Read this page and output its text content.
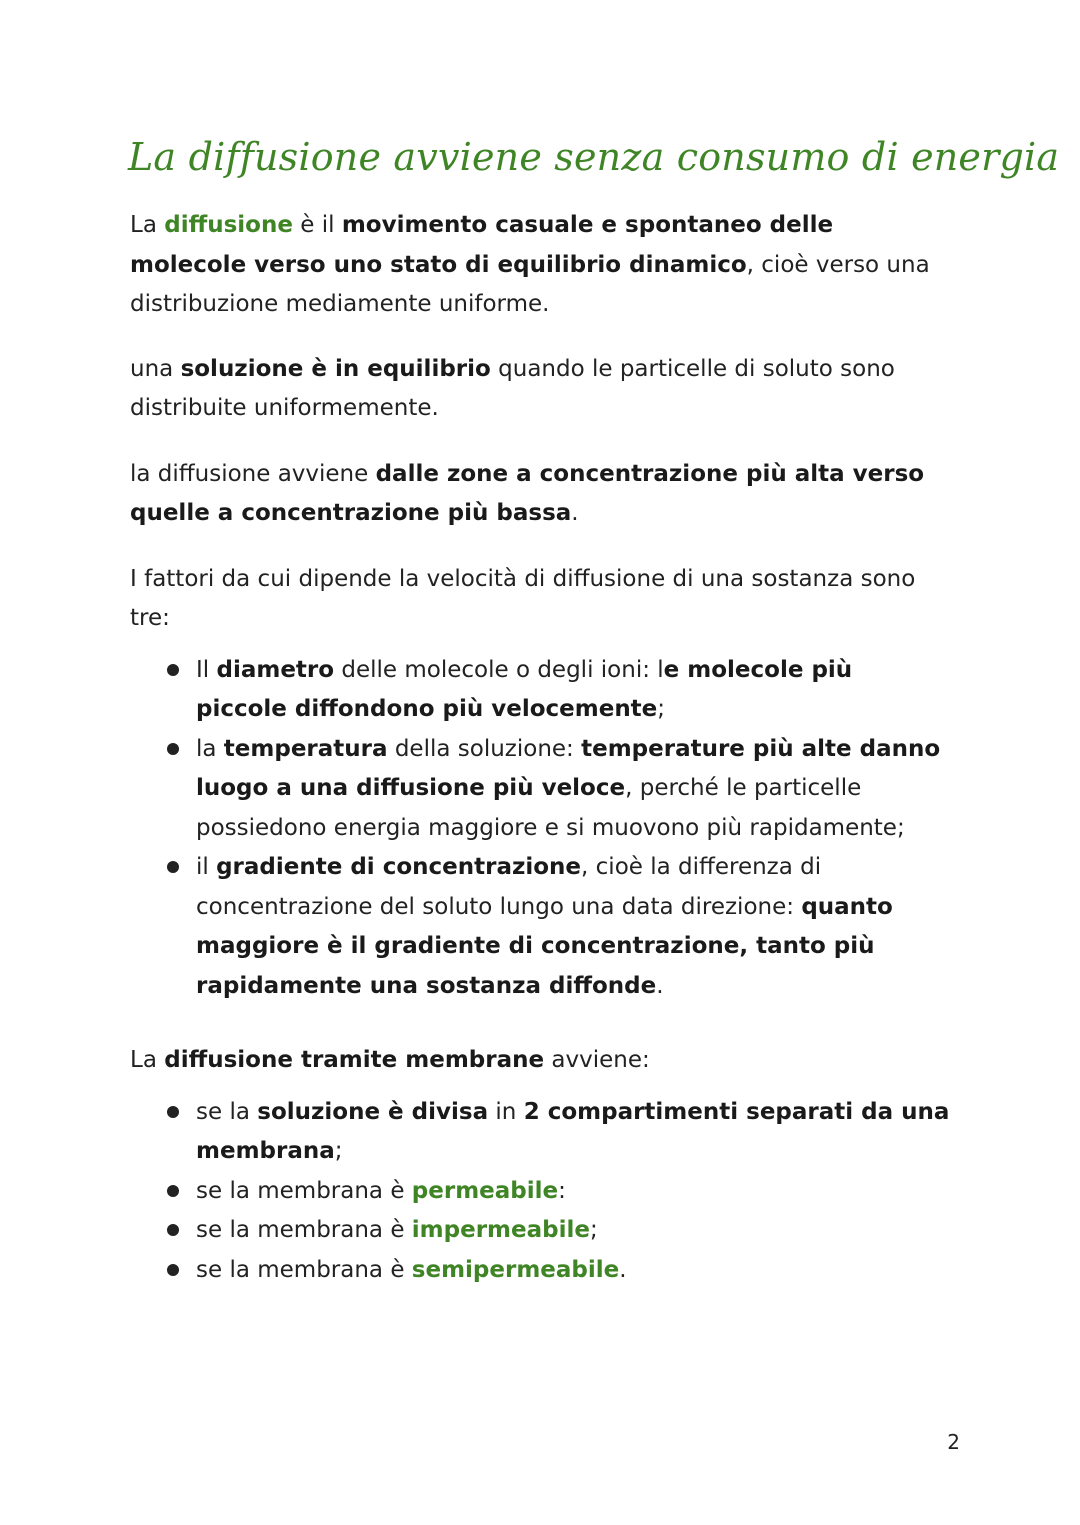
La diffusione avviene senza consumo di energia

La diffusione è il movimento casuale e spontaneo delle molecole verso uno stato di equilibrio dinamico, cioè verso una distribuzione mediamente uniforme.

una soluzione è in equilibrio quando le particelle di soluto sono distribuite uniformemente.

la diffusione avviene dalle zone a concentrazione più alta verso quelle a concentrazione più bassa.

I fattori da cui dipende la velocità di diffusione di una sostanza sono tre:

Il diametro delle molecole o degli ioni: le molecole più piccole diffondono più velocemente;
la temperatura della soluzione: temperature più alte danno luogo a una diffusione più veloce, perché le particelle possiedono energia maggiore e si muovono più rapidamente;
il gradiente di concentrazione, cioè la differenza di concentrazione del soluto lungo una data direzione: quanto maggiore è il gradiente di concentrazione, tanto più rapidamente una sostanza diffonde.

La diffusione tramite membrane avviene:

se la soluzione è divisa in 2 compartimenti separati da una membrana;
se la membrana è permeabile:
se la membrana è impermeabile;
se la membrana è semipermeabile.
2
